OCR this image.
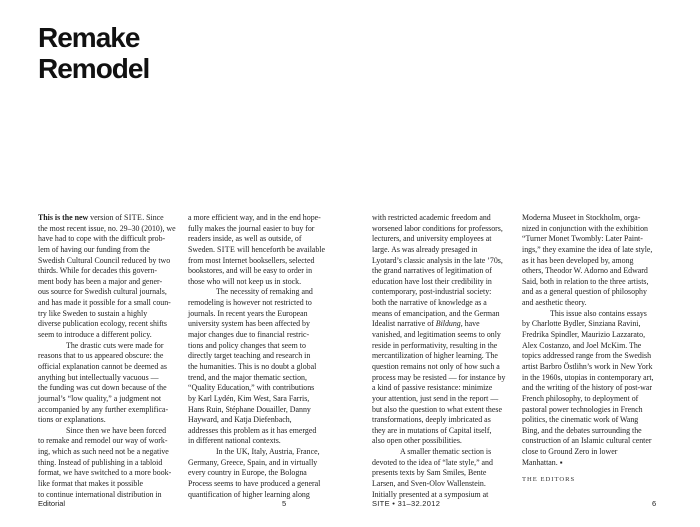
Remake
Remodel
This is the new version of SITE. Since
the most recent issue, no. 29–30 (2010), we
have had to cope with the difficult prob-
lem of having our funding from the
Swedish Cultural Council reduced by two
thirds. While for decades this govern-
ment body has been a major and gener-
ous source for Swedish cultural journals,
and has made it possible for a small coun-
try like Sweden to sustain a highly
diverse publication ecology, recent shifts
seem to introduce a different policy.
The drastic cuts were made for
reasons that to us appeared obscure: the
official explanation cannot be deemed as
anything but intellectually vacuous —
the funding was cut down because of the
journal’s “low quality,” a judgment not
accompanied by any further exemplifica-
tions or explanations.
Since then we have been forced
to remake and remodel our way of work-
ing, which as such need not be a negative
thing. Instead of publishing in a tabloid
format, we have switched to a more book-
like format that makes it possible
to continue international distribution in
a more efficient way, and in the end hope-
fully makes the journal easier to buy for
readers inside, as well as outside, of
Sweden. SITE will henceforth be available
from most Internet booksellers, selected
bookstores, and will be easy to order in
those who will not keep us in stock.
The necessity of remaking and
remodeling is however not restricted to
journals. In recent years the European
university system has been affected by
major changes due to financial restric-
tions and policy changes that seem to
directly target teaching and research in
the humanities. This is no doubt a global
trend, and the major thematic section,
“Quality Education,” with contributions
by Karl Lydén, Kim West, Sara Farris,
Hans Ruin, Stéphane Douailler, Danny
Hayward, and Katja Diefenbach,
addresses this problem as it has emerged
in different national contexts.
In the UK, Italy, Austria, France,
Germany, Greece, Spain, and in virtually
every country in Europe, the Bologna
Process seems to have produced a general
quantification of higher learning along
with restricted academic freedom and
worsened labor conditions for professors,
lecturers, and university employees at
large. As was already presaged in
Lyotard’s classic analysis in the late ’70s,
the grand narratives of legitimation of
education have lost their credibility in
contemporary, post-industrial society:
both the narrative of knowledge as a
means of emancipation, and the German
Idealist narrative of Bildung, have
vanished, and legitimation seems to only
reside in performativity, resulting in the
mercantilization of higher learning. The
question remains not only of how such a
process may be resisted — for instance by
a kind of passive resistance: minimize
your attention, just send in the report —
but also the question to what extent these
transformations, deeply imbricated as
they are in mutations of Capital itself,
also open other possibilities.
A smaller thematic section is
devoted to the idea of “late style,” and
presents texts by Sam Smiles, Bente
Larsen, and Sven-Olov Wallenstein.
Initially presented at a symposium at
Moderna Museet in Stockholm, orga-
nized in conjunction with the exhibition
“Turner Monet Twombly: Later Paint-
ings,” they examine the idea of late style,
as it has been developed by, among
others, Theodor W. Adorno and Edward
Said, both in relation to the three artists,
and as a general question of philosophy
and aesthetic theory.
This issue also contains essays
by Charlotte Bydler, Sinziana Ravini,
Fredrika Spindler, Maurizio Lazzarato,
Alex Costanzo, and Joel McKim. The
topics addressed range from the Swedish
artist Barbro Östlihn’s work in New York
in the 1960s, utopias in contemporary art,
and the writing of the history of post-war
French philosophy, to deployment of
pastoral power technologies in French
politics, the cinematic work of Wang
Bing, and the debates surrounding the
construction of an Islamic cultural center
close to Ground Zero in lower
Manhattan. ▪
THE EDITORS
Editorial	5	SITE • 31–32.2012	6
